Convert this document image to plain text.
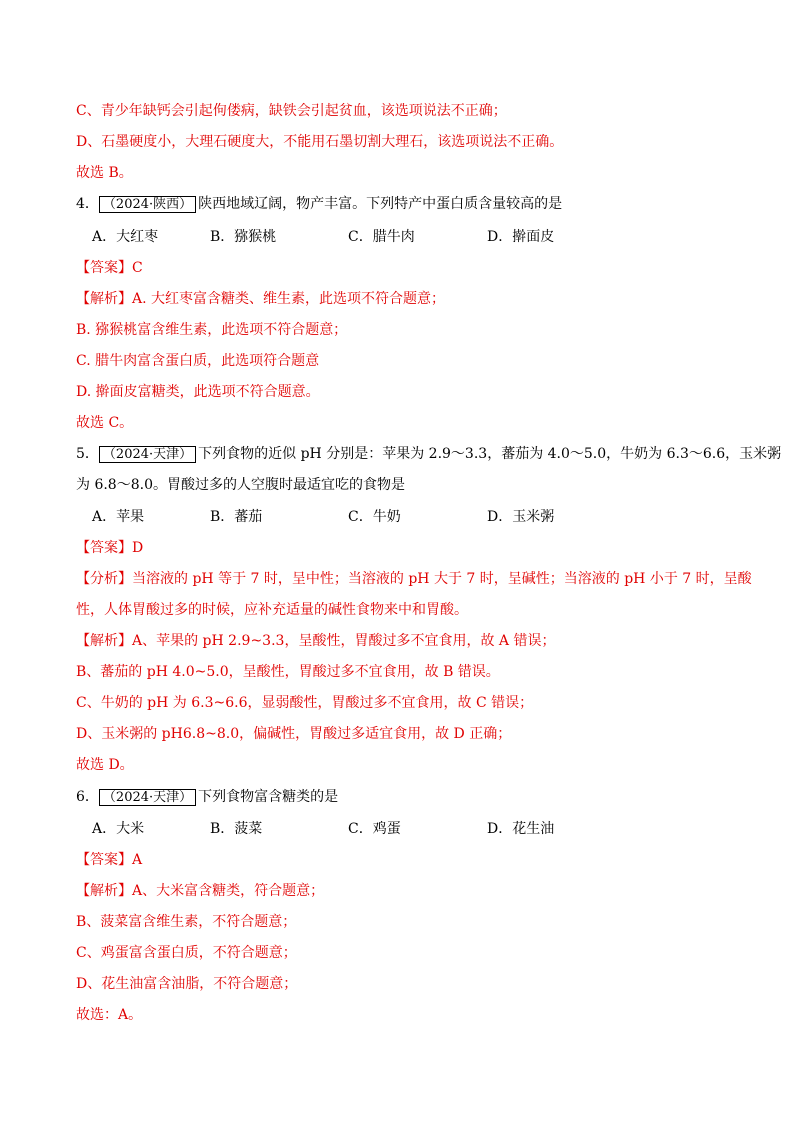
C、青少年缺钙会引起佝偻病，缺铁会引起贫血，该选项说法不正确；
D、石墨硬度小，大理石硬度大，不能用石墨切割大理石，该选项说法不正确。
故选 B。
4． （2024·陕西） 陕西地域辽阔，物产丰富。下列特产中蛋白质含量较高的是
A．大红枣	B．猕猴桃	C．腊牛肉	D．擀面皮
【答案】C
【解析】A. 大红枣富含糖类、维生素，此选项不符合题意；
B. 猕猴桃富含维生素，此选项不符合题意；
C. 腊牛肉富含蛋白质，此选项符合题意
D. 擀面皮富糖类，此选项不符合题意。
故选 C。
5． （2024·天津） 下列食物的近似 pH 分别是：苹果为 2.9～3.3，蕃茄为 4.0～5.0，牛奶为 6.3～6.6，玉米粥
为 6.8～8.0。胃酸过多的人空腹时最适宜吃的食物是
A．苹果	B．蕃茄	C．牛奶	D．玉米粥
【答案】D
【分析】当溶液的 pH 等于 7 时，呈中性；当溶液的 pH 大于 7 时，呈碱性；当溶液的 pH 小于 7 时，呈酸
性，人体胃酸过多的时候，应补充适量的碱性食物来中和胃酸。
【解析】A、苹果的 pH 2.9~3.3，呈酸性，胃酸过多不宜食用，故 A 错误；
B、蕃茄的 pH 4.0~5.0，呈酸性，胃酸过多不宜食用，故 B 错误。
C、牛奶的 pH 为 6.3~6.6，显弱酸性，胃酸过多不宜食用，故 C 错误；
D、玉米粥的 pH6.8~8.0，偏碱性，胃酸过多适宜食用，故 D 正确；
故选 D。
6． （2024·天津） 下列食物富含糖类的是
A．大米	B．菠菜	C．鸡蛋	D．花生油
【答案】A
【解析】A、大米富含糖类，符合题意；
B、菠菜富含维生素，不符合题意；
C、鸡蛋富含蛋白质，不符合题意；
D、花生油富含油脂，不符合题意；
故选：A。
